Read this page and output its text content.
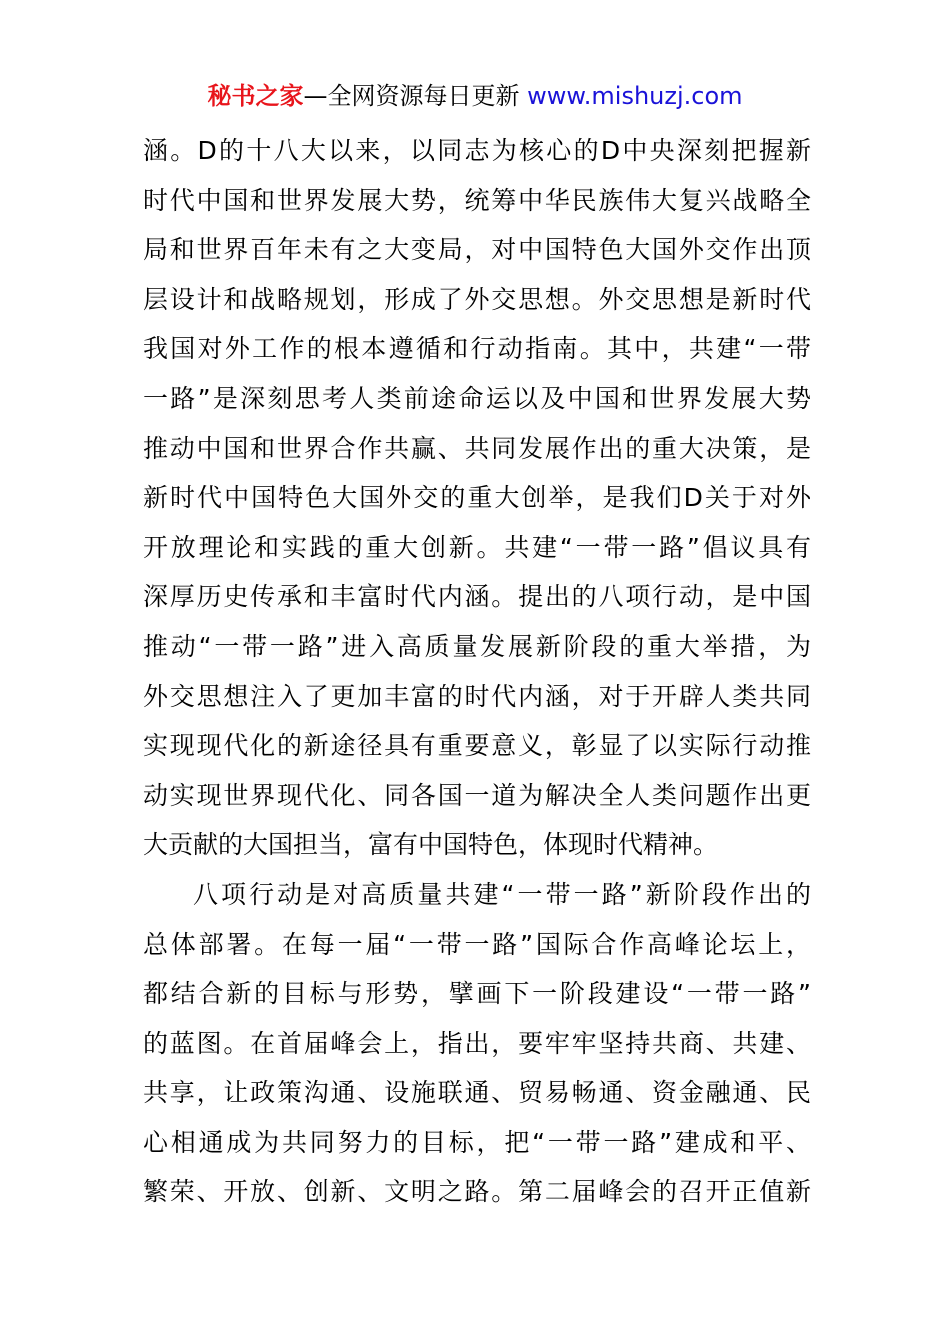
秘书之家—全网资源每日更新 www.mishuzj.com
涵。D的十八大以来，以同志为核心的D中央深刻把握新
时代中国和世界发展大势，统筹中华民族伟大复兴战略全
局和世界百年未有之大变局，对中国特色大国外交作出顶
层设计和战略规划，形成了外交思想。外交思想是新时代
我国对外工作的根本遵循和行动指南。其中，共建“一带
一路”是深刻思考人类前途命运以及中国和世界发展大势
推动中国和世界合作共赢、共同发展作出的重大决策，是
新时代中国特色大国外交的重大创举，是我们D关于对外
开放理论和实践的重大创新。共建“一带一路”倡议具有
深厚历史传承和丰富时代内涵。提出的八项行动，是中国
推动“一带一路”进入高质量发展新阶段的重大举措，为
外交思想注入了更加丰富的时代内涵，对于开辟人类共同
实现现代化的新途径具有重要意义，彰显了以实际行动推
动实现世界现代化、同各国一道为解决全人类问题作出更
大贡献的大国担当，富有中国特色，体现时代精神。
八项行动是对高质量共建“一带一路”新阶段作出的
总体部署。在每一届“一带一路”国际合作高峰论坛上，
都结合新的目标与形势，擘画下一阶段建设“一带一路”
的蓝图。在首届峰会上，指出，要牢牢坚持共商、共建、
共享，让政策沟通、设施联通、贸易畅通、资金融通、民
心相通成为共同努力的目标，把“一带一路”建成和平、
繁荣、开放、创新、文明之路。第二届峰会的召开正值新
